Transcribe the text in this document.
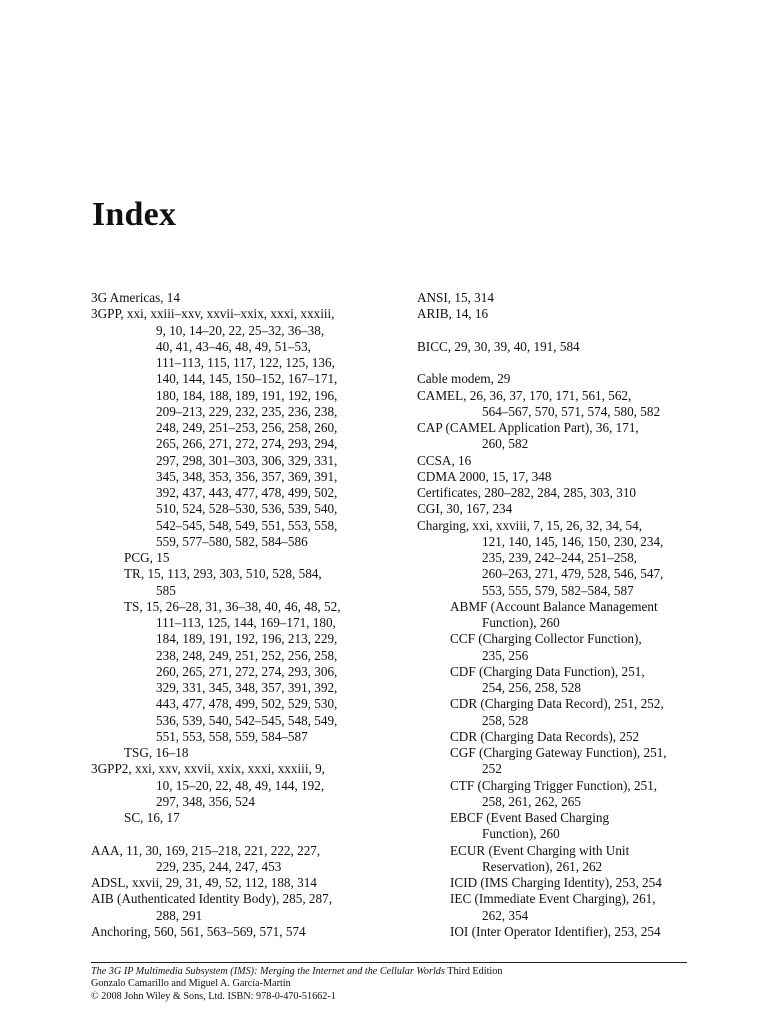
Index
3G Americas, 14
3GPP, xxi, xxiii–xxv, xxvii–xxix, xxxi, xxxiii,
9, 10, 14–20, 22, 25–32, 36–38,
40, 41, 43–46, 48, 49, 51–53,
111–113, 115, 117, 122, 125, 136,
140, 144, 145, 150–152, 167–171,
180, 184, 188, 189, 191, 192, 196,
209–213, 229, 232, 235, 236, 238,
248, 249, 251–253, 256, 258, 260,
265, 266, 271, 272, 274, 293, 294,
297, 298, 301–303, 306, 329, 331,
345, 348, 353, 356, 357, 369, 391,
392, 437, 443, 477, 478, 499, 502,
510, 524, 528–530, 536, 539, 540,
542–545, 548, 549, 551, 553, 558,
559, 577–580, 582, 584–586
PCG, 15
TR, 15, 113, 293, 303, 510, 528, 584,
585
TS, 15, 26–28, 31, 36–38, 40, 46, 48, 52,
111–113, 125, 144, 169–171, 180,
184, 189, 191, 192, 196, 213, 229,
238, 248, 249, 251, 252, 256, 258,
260, 265, 271, 272, 274, 293, 306,
329, 331, 345, 348, 357, 391, 392,
443, 477, 478, 499, 502, 529, 530,
536, 539, 540, 542–545, 548, 549,
551, 553, 558, 559, 584–587
TSG, 16–18
3GPP2, xxi, xxv, xxvii, xxix, xxxi, xxxiii, 9,
10, 15–20, 22, 48, 49, 144, 192,
297, 348, 356, 524
SC, 16, 17
AAA, 11, 30, 169, 215–218, 221, 222, 227,
229, 235, 244, 247, 453
ADSL, xxvii, 29, 31, 49, 52, 112, 188, 314
AIB (Authenticated Identity Body), 285, 287,
288, 291
Anchoring, 560, 561, 563–569, 571, 574
ANSI, 15, 314
ARIB, 14, 16
BICC, 29, 30, 39, 40, 191, 584
Cable modem, 29
CAMEL, 26, 36, 37, 170, 171, 561, 562,
564–567, 570, 571, 574, 580, 582
CAP (CAMEL Application Part), 36, 171,
260, 582
CCSA, 16
CDMA 2000, 15, 17, 348
Certificates, 280–282, 284, 285, 303, 310
CGI, 30, 167, 234
Charging, xxi, xxviii, 7, 15, 26, 32, 34, 54,
121, 140, 145, 146, 150, 230, 234,
235, 239, 242–244, 251–258,
260–263, 271, 479, 528, 546, 547,
553, 555, 579, 582–584, 587
ABMF (Account Balance Management
Function), 260
CCF (Charging Collector Function),
235, 256
CDF (Charging Data Function), 251,
254, 256, 258, 528
CDR (Charging Data Record), 251, 252,
258, 528
CDR (Charging Data Records), 252
CGF (Charging Gateway Function), 251,
252
CTF (Charging Trigger Function), 251,
258, 261, 262, 265
EBCF (Event Based Charging
Function), 260
ECUR (Event Charging with Unit
Reservation), 261, 262
ICID (IMS Charging Identity), 253, 254
IEC (Immediate Event Charging), 261,
262, 354
IOI (Inter Operator Identifier), 253, 254
The 3G IP Multimedia Subsystem (IMS): Merging the Internet and the Cellular Worlds Third Edition
Gonzalo Camarillo and Miguel A. García-Martín
© 2008 John Wiley & Sons, Ltd. ISBN: 978-0-470-51662-1
